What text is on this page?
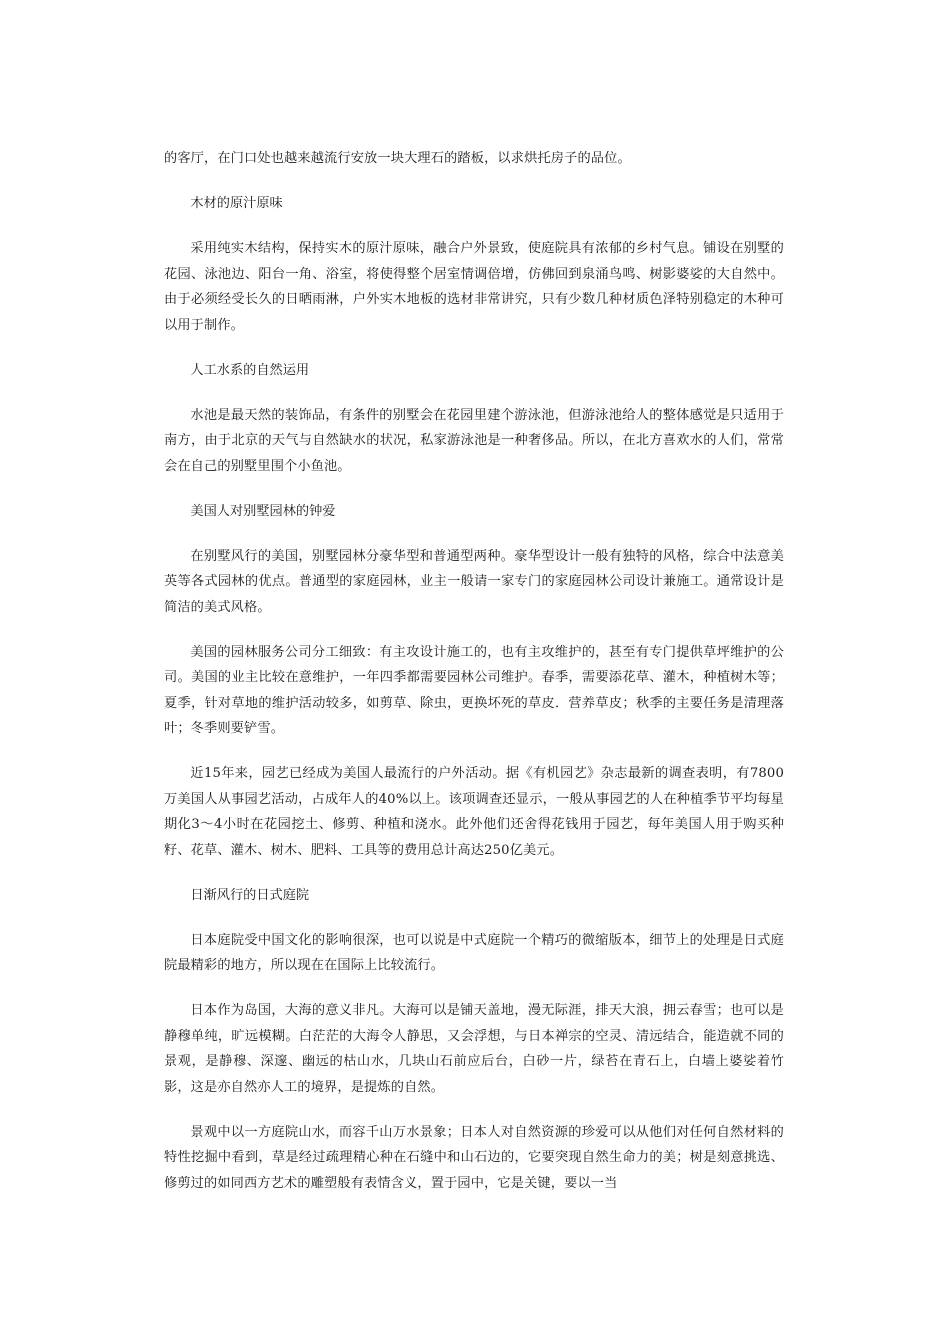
的客厅，在门口处也越来越流行安放一块大理石的踏板，以求烘托房子的品位。

木材的原汁原味

采用纯实木结构，保持实木的原汁原味，融合户外景致，使庭院具有浓郁的乡村气息。铺设在别墅的花园、泳池边、阳台一角、浴室，将使得整个居室情调倍增，仿佛回到泉涌鸟鸣、树影婆娑的大自然中。由于必须经受长久的日晒雨淋，户外实木地板的选材非常讲究，只有少数几种材质色泽特别稳定的木种可以用于制作。

人工水系的自然运用

水池是最天然的装饰品，有条件的别墅会在花园里建个游泳池，但游泳池给人的整体感觉是只适用于南方，由于北京的天气与自然缺水的状况，私家游泳池是一种奢侈品。所以，在北方喜欢水的人们，常常会在自己的别墅里围个小鱼池。

美国人对别墅园林的钟爱

在别墅风行的美国，别墅园林分豪华型和普通型两种。豪华型设计一般有独特的风格，综合中法意美英等各式园林的优点。普通型的家庭园林，业主一般请一家专门的家庭园林公司设计兼施工。通常设计是简洁的美式风格。

美国的园林服务公司分工细致：有主攻设计施工的，也有主攻维护的，甚至有专门提供草坪维护的公司。美国的业主比较在意维护，一年四季都需要园林公司维护。春季，需要添花草、灌木，种植树木等；夏季，针对草地的维护活动较多，如剪草、除虫，更换坏死的草皮．营养草皮；秋季的主要任务是清理落叶；冬季则要铲雪。

近15年来，园艺已经成为美国人最流行的户外活动。据《有机园艺》杂志最新的调查表明，有7800万美国人从事园艺活动，占成年人的40%以上。该项调查还显示，一般从事园艺的人在种植季节平均每星期化3～4小时在花园挖土、修剪、种植和浇水。此外他们还舍得花钱用于园艺，每年美国人用于购买种籽、花草、灌木、树木、肥料、工具等的费用总计高达250亿美元。

日渐风行的日式庭院

日本庭院受中国文化的影响很深，也可以说是中式庭院一个精巧的微缩版本，细节上的处理是日式庭院最精彩的地方，所以现在在国际上比较流行。

日本作为岛国，大海的意义非凡。大海可以是铺天盖地，漫无际涯，排天大浪，拥云春雪；也可以是静穆单纯，旷远模糊。白茫茫的大海令人静思，又会浮想，与日本禅宗的空灵、清远结合，能造就不同的景观，是静穆、深邃、幽远的枯山水，几块山石前应后台，白砂一片，绿苔在青石上，白墙上婆娑着竹影，这是亦自然亦人工的境界，是提炼的自然。

景观中以一方庭院山水，而容千山万水景象；日本人对自然资源的珍爱可以从他们对任何自然材料的特性挖掘中看到，草是经过疏理精心种在石缝中和山石边的，它要突现自然生命力的美；树是刻意挑选、修剪过的如同西方艺术的雕塑般有表情含义，置于园中，它是关键，要以一当
